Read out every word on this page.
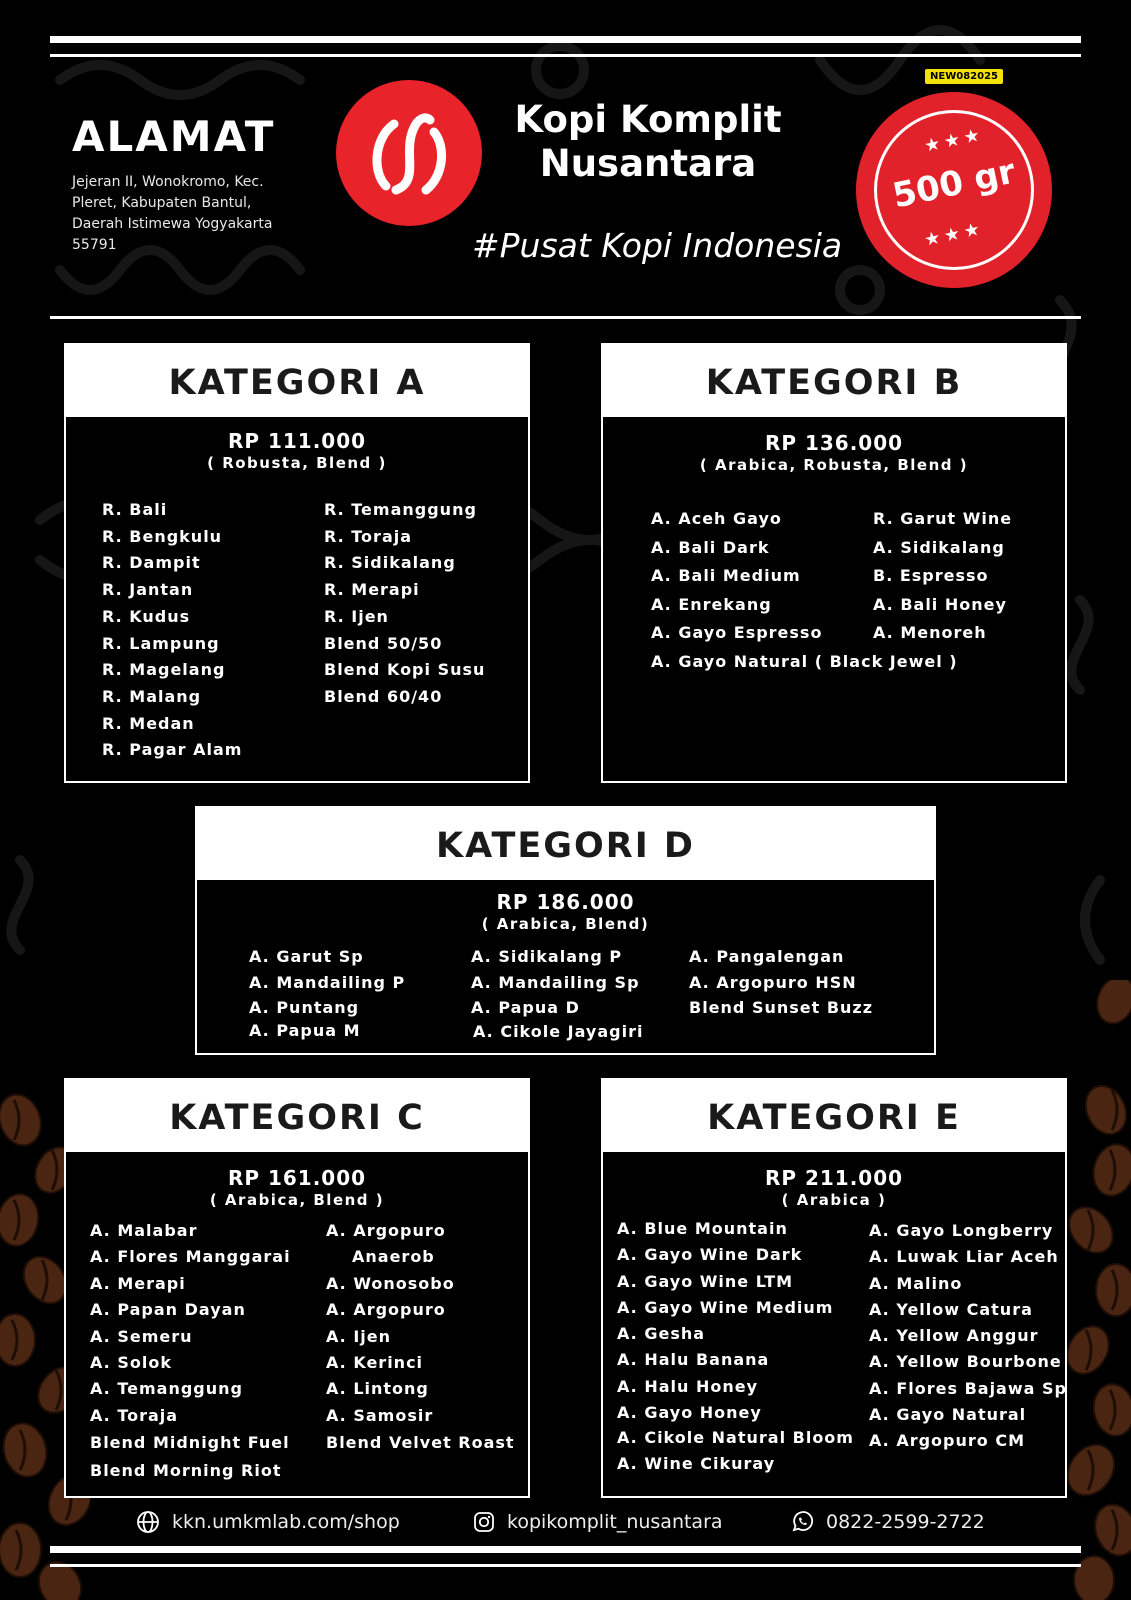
ALAMAT
Jejeran II, Wonokromo, Kec.
Pleret, Kabupaten Bantul,
Daerah Istimewa Yogyakarta
55791
Kopi Komplit
Nusantara
#Pusat Kopi Indonesia
NEW082025
★★★
500 gr
★★★
KATEGORI A
RP 111.000
( Robusta, Blend )
R. Bali
R. Bengkulu
R. Dampit
R. Jantan
R. Kudus
R. Lampung
R. Magelang
R. Malang
R. Medan
R. Pagar Alam
R. Temanggung
R. Toraja
R. Sidikalang
R. Merapi
R. Ijen
Blend 50/50
Blend Kopi Susu
Blend 60/40
KATEGORI B
RP 136.000
( Arabica, Robusta, Blend )
A. Aceh Gayo
A. Bali Dark
A. Bali Medium
A. Enrekang
A. Gayo Espresso
A. Gayo Natural ( Black Jewel )
R. Garut Wine
A. Sidikalang
B. Espresso
A. Bali Honey
A. Menoreh
KATEGORI D
RP 186.000
( Arabica, Blend)
A. Garut Sp
A. Mandailing P
A. Puntang
A. Papua M
A. Sidikalang P
A. Mandailing Sp
A. Papua D
A. Cikole Jayagiri
A. Pangalengan
A. Argopuro HSN
Blend Sunset Buzz
KATEGORI C
RP 161.000
( Arabica, Blend )
A. Malabar
A. Flores Manggarai
A. Merapi
A. Papan Dayan
A. Semeru
A. Solok
A. Temanggung
A. Toraja
Blend Midnight Fuel
Blend Morning Riot
A. Argopuro
Anaerob
A. Wonosobo
A. Argopuro
A. Ijen
A. Kerinci
A. Lintong
A. Samosir
Blend Velvet Roast
KATEGORI E
RP 211.000
( Arabica )
A. Blue Mountain
A. Gayo Wine Dark
A. Gayo Wine LTM
A. Gayo Wine Medium
A. Gesha
A. Halu Banana
A. Halu Honey
A. Gayo Honey
A. Cikole Natural Bloom
A. Wine Cikuray
A. Gayo Longberry
A. Luwak Liar Aceh
A. Malino
A. Yellow Catura
A. Yellow Anggur
A. Yellow Bourbone
A. Flores Bajawa Sp
A. Gayo Natural
A. Argopuro CM
kkn.umkmlab.com/shop	kopikomplit_nusantara	0822-2599-2722
